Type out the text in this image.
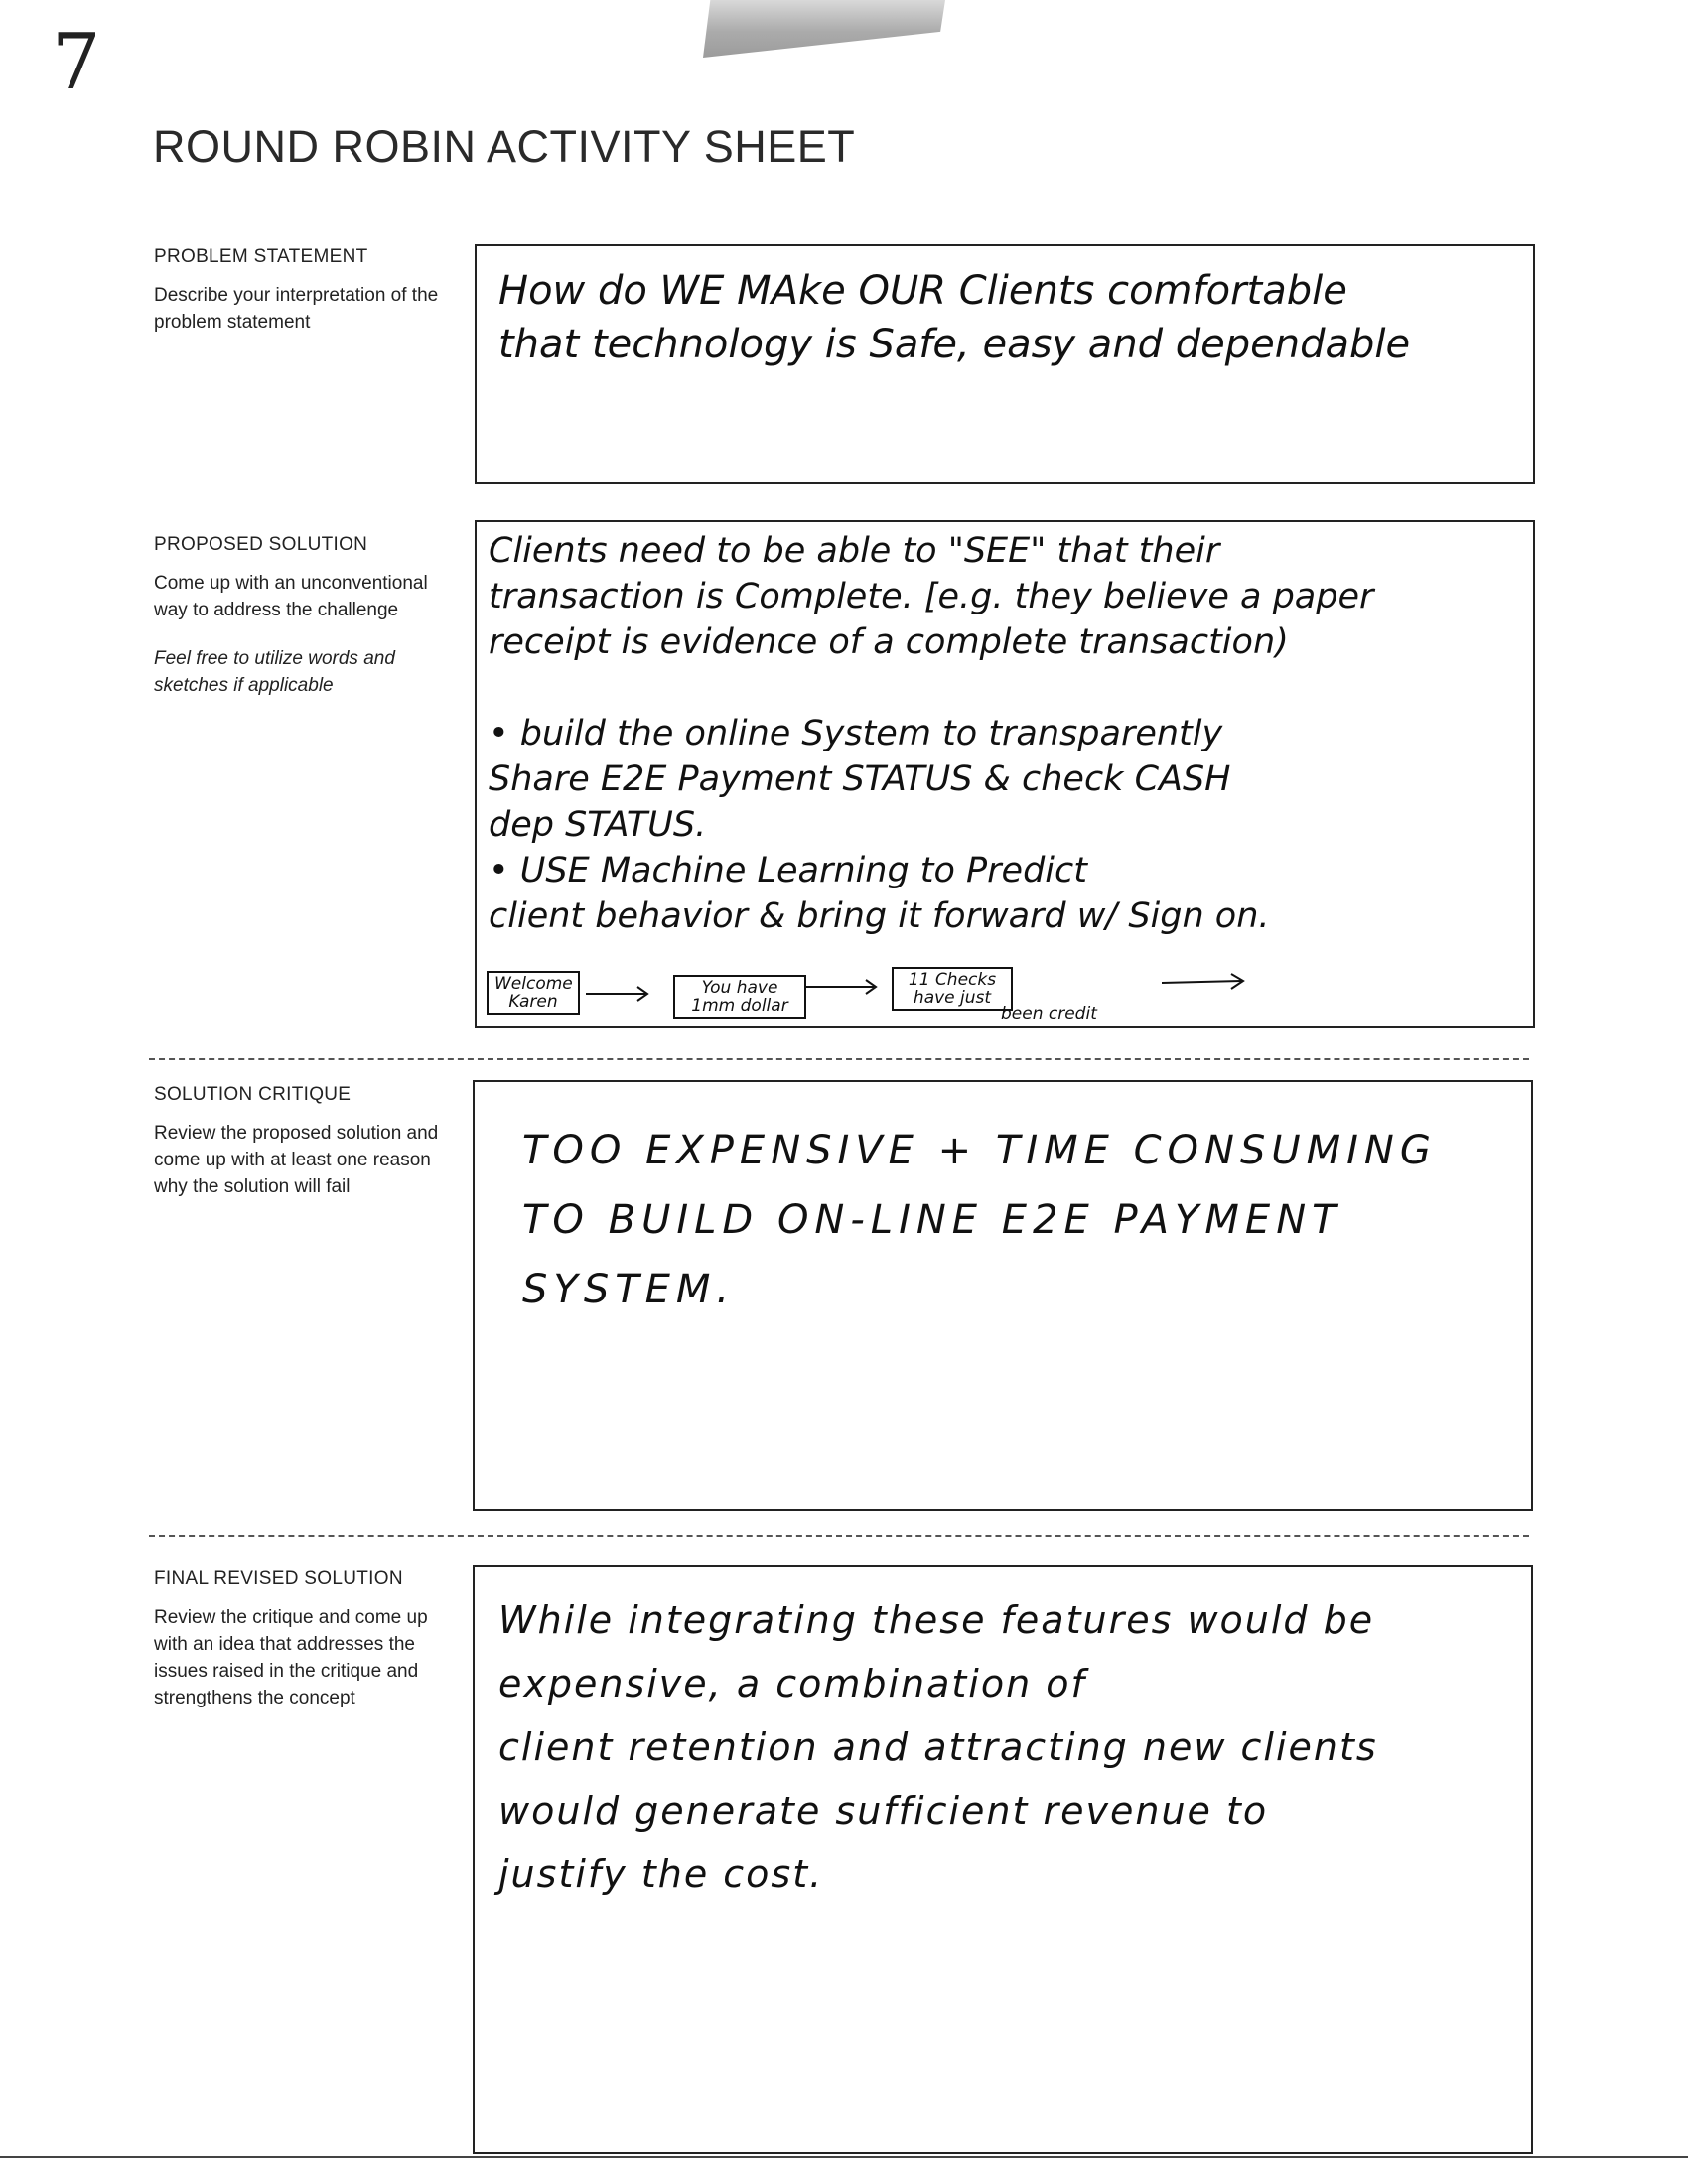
7
ROUND ROBIN ACTIVITY SHEET
PROBLEM STATEMENT
Describe your interpretation of the problem statement
How do WE MAke OUR Clients comfortable
that technology is Safe, easy and dependable
PROPOSED SOLUTION
Come up with an unconventional way to address the challenge
Feel free to utilize words and sketches if applicable
Clients need to be able to "SEE" that their
transaction is Complete. [e.g. they believe a paper
receipt is evidence of a complete transaction)

• build the online System to transparently
Share E2E Payment STATUS & check CASH
dep STATUS.
• USE Machine Learning to Predict
client behavior & bring it forward w/ Sign on.
Welcome Karen
You have 1mm dollar
11 Checks have just
been credit
SOLUTION CRITIQUE
Review the proposed solution and come up with at least one reason why the solution will fail
TOO EXPENSIVE + TIME CONSUMING
TO BUILD ON-LINE E2E PAYMENT
SYSTEM.
FINAL REVISED SOLUTION
Review the critique and come up with an idea that addresses the issues raised in the critique and strengthens the concept
While integrating these features would be
expensive, a combination of
client retention and attracting new clients
would generate sufficient revenue to
justify the cost.
